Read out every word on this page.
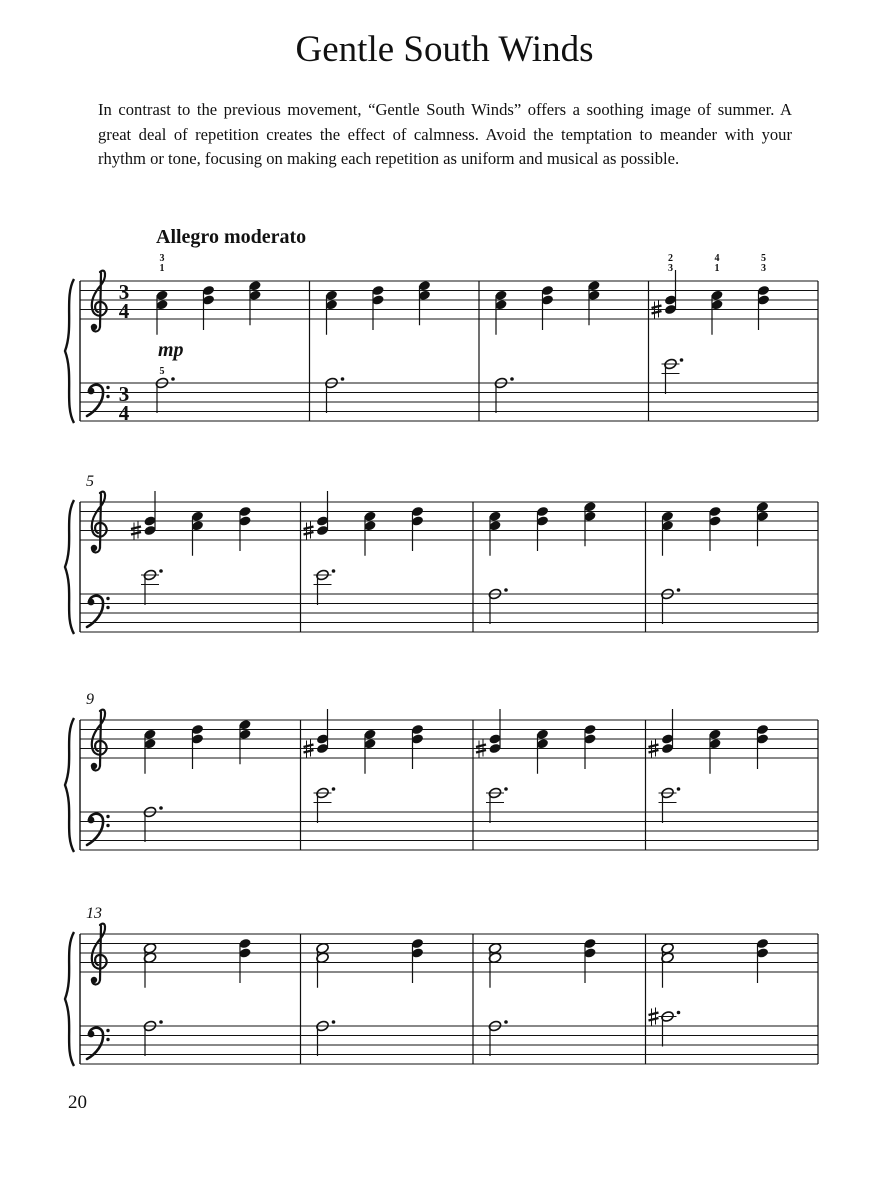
Gentle South Winds
In contrast to the previous movement, “Gentle South Winds” offers a soothing image of summer. A great deal of repetition creates the effect of calmness. Avoid the temptation to meander with your rhythm or tone, focusing on making each repetition as uniform and musical as possible.
Allegro moderato
3
4
3
4
mp
3
1
5
2
3
4
1
5
3
5
9
13
20
